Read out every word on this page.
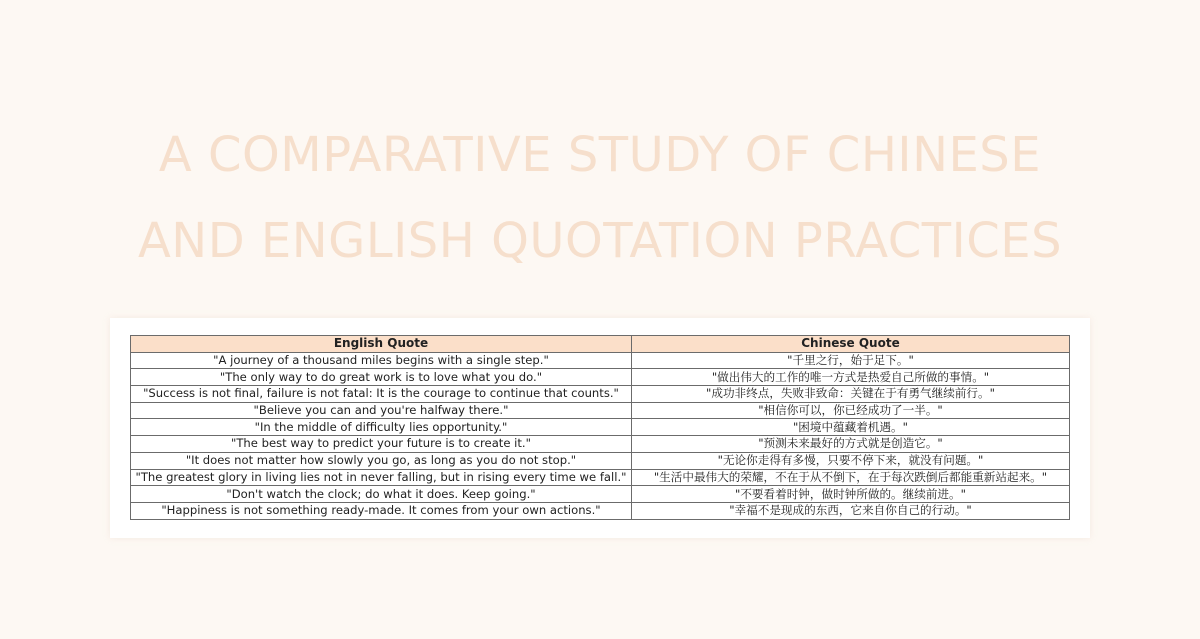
A COMPARATIVE STUDY OF CHINESE
AND ENGLISH QUOTATION PRACTICES
English Quote	Chinese Quote
"A journey of a thousand miles begins with a single step."	"千里之行，始于足下。"
"The only way to do great work is to love what you do."	"做出伟大的工作的唯一方式是热爱自己所做的事情。"
"Success is not final, failure is not fatal: It is the courage to continue that counts."	"成功非终点，失败非致命：关键在于有勇气继续前行。"
"Believe you can and you're halfway there."	"相信你可以，你已经成功了一半。"
"In the middle of difficulty lies opportunity."	"困境中蕴藏着机遇。"
"The best way to predict your future is to create it."	"预测未来最好的方式就是创造它。"
"It does not matter how slowly you go, as long as you do not stop."	"无论你走得有多慢，只要不停下来，就没有问题。"
"The greatest glory in living lies not in never falling, but in rising every time we fall."	"生活中最伟大的荣耀，不在于从不倒下，在于每次跌倒后都能重新站起来。"
"Don't watch the clock; do what it does. Keep going."	"不要看着时钟，做时钟所做的。继续前进。"
"Happiness is not something ready-made. It comes from your own actions."	"幸福不是现成的东西，它来自你自己的行动。"
